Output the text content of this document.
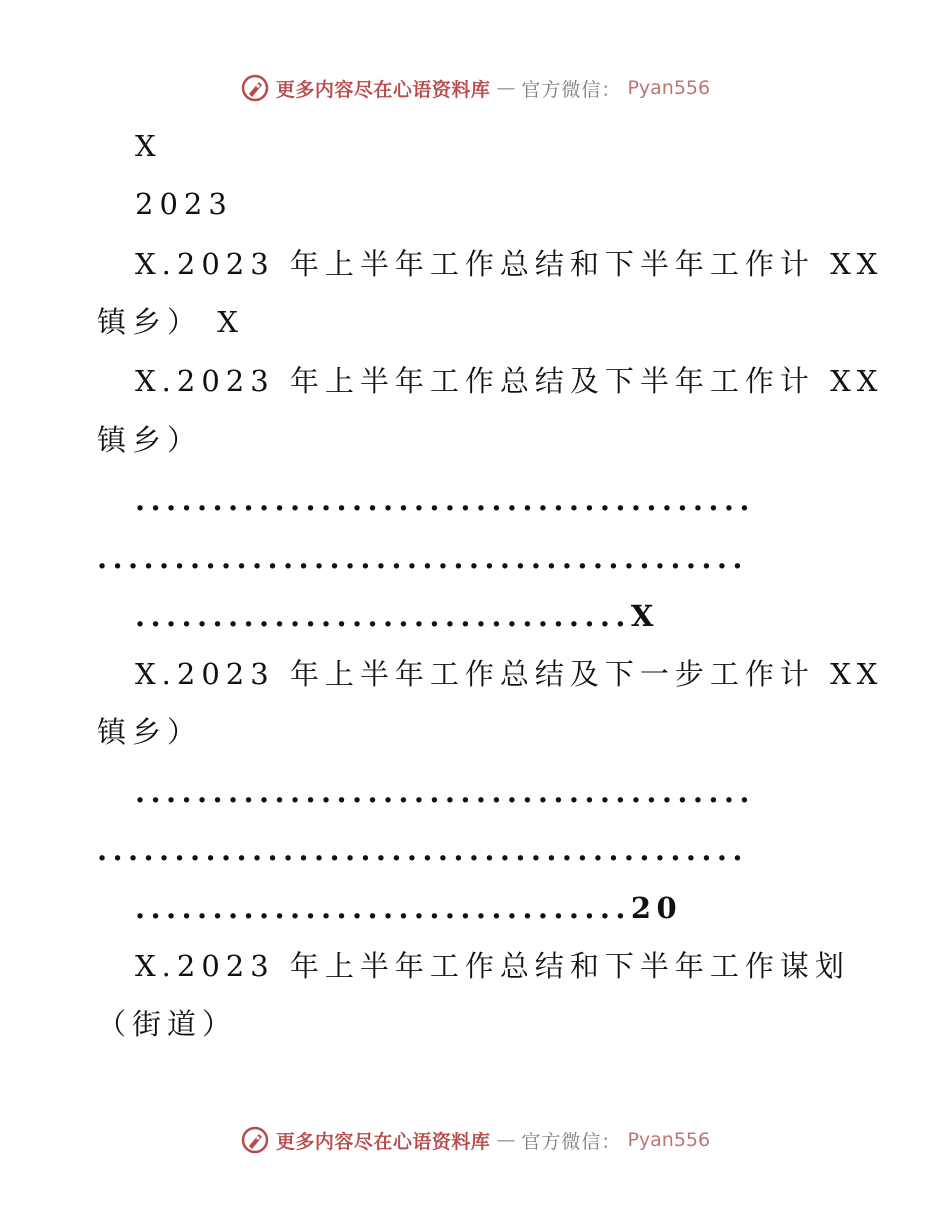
更多内容尽在心语资料库 — 官方微信： Pyan556
X
2023
X.2023 年上半年工作总结和下半年工作计 XX
镇乡） X
X.2023 年上半年工作总结及下半年工作计 XX
镇乡）
........................................
..........................................
................................X
X.2023 年上半年工作总结及下一步工作计 XX
镇乡）
........................................
..........................................
................................20
X.2023 年上半年工作总结和下半年工作谋划
（街道）
更多内容尽在心语资料库 — 官方微信： Pyan556
